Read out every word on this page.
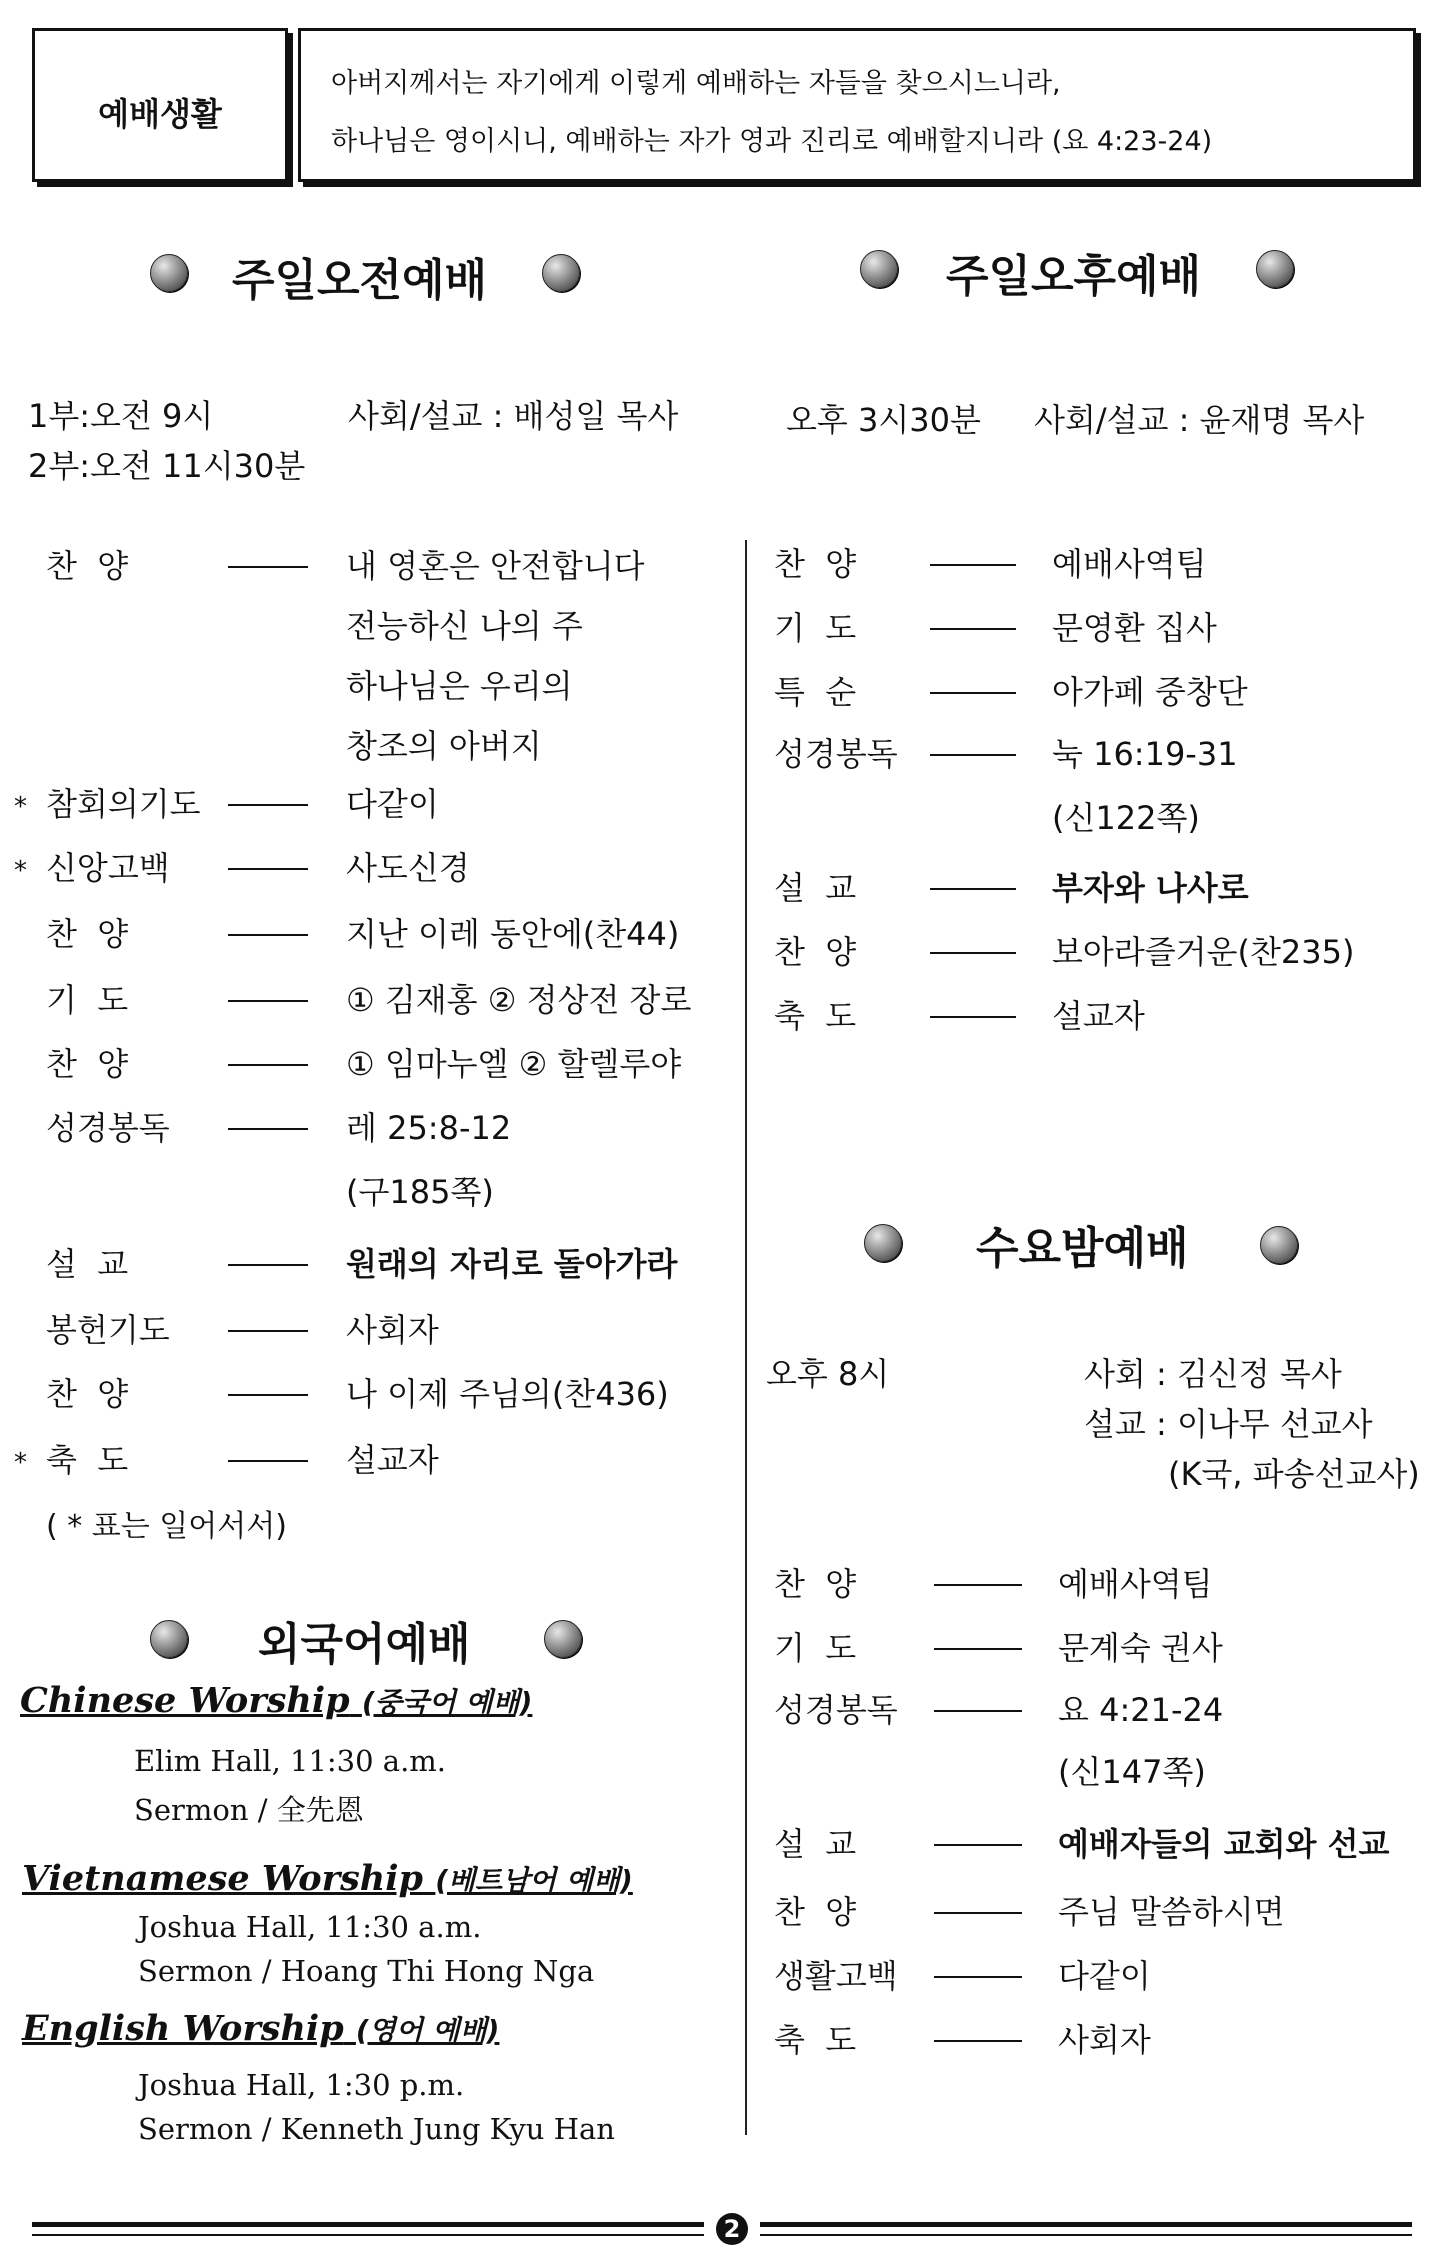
예배생활
아버지께서는 자기에게 이렇게 예배하는 자들을 찾으시느니라,
하나님은 영이시니, 예배하는 자가 영과 진리로 예배할지니라 (요 4:23-24)
주일오전예배	주일오후예배
1부:오전 9시	사회/설교 : 배성일 목사
2부:오전 11시30분
오후 3시30분 사회/설교 : 윤재명 목사
찬  양	내 영혼은 안전합니다
전능하신 나의 주
하나님은 우리의
창조의 아버지
* 참회의기도	다같이
* 신앙고백	사도신경
찬  양	지난 이레 동안에(찬44)
기  도	① 김재홍 ② 정상전 장로
찬  양	① 임마누엘 ② 할렐루야
성경봉독	레 25:8-12
(구185쪽)
설  교	원래의 자리로 돌아가라
봉헌기도	사회자
찬  양	나 이제 주님의(찬436)
* 축  도	설교자
( * 표는 일어서서)
찬  양	예배사역팀
기  도	문영환 집사
특  순	아가페 중창단
성경봉독	눅 16:19-31
(신122쪽)
설  교	부자와 나사로
찬  양	보아라즐거운(찬235)
축  도	설교자
수요밤예배
오후 8시	사회 : 김신정 목사
설교 : 이나무 선교사
(K국, 파송선교사)
찬  양	예배사역팀
기  도	문계숙 권사
성경봉독	요 4:21-24
(신147쪽)
설  교	예배자들의 교회와 선교
찬  양	주님 말씀하시면
생활고백	다같이
축  도	사회자
외국어예배
Chinese Worship (중국어 예배)
Elim Hall, 11:30 a.m.
Sermon / 全先恩
Vietnamese Worship (베트남어 예배)
Joshua Hall, 11:30 a.m.
Sermon / Hoang Thi Hong Nga
English Worship (영어 예배)
Joshua Hall, 1:30 p.m.
Sermon / Kenneth Jung Kyu Han
2
